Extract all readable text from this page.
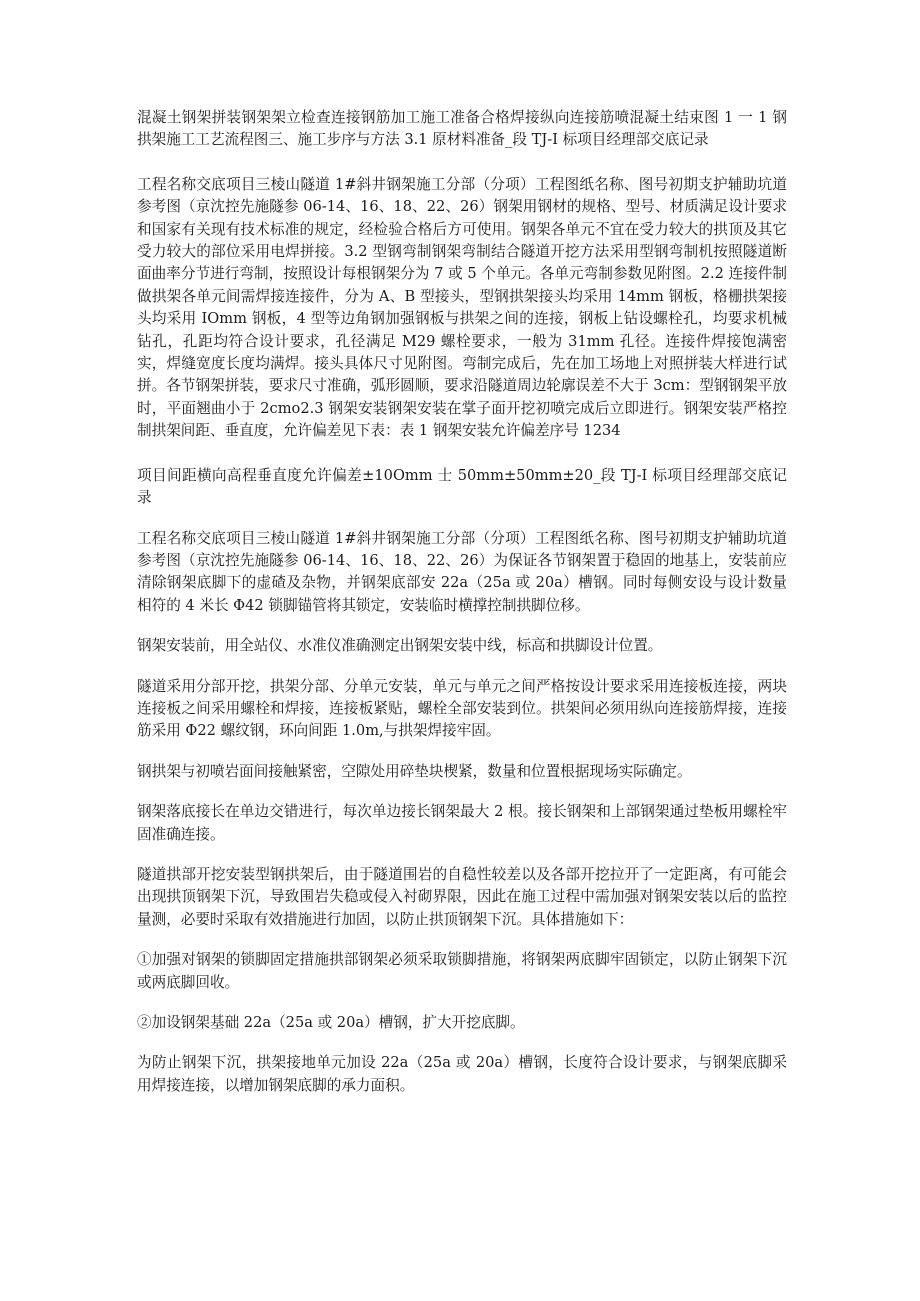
混凝土钢架拼装钢架架立检查连接钢筋加工施工准备合格焊接纵向连接筋喷混凝土结束图 1 一 1 钢拱架施工工艺流程图三、施工步序与方法 3.1 原材料准备_段 TJ-I 标项目经理部交底记录

工程名称交底项目三棱山隧道 1#斜井钢架施工分部（分项）工程图纸名称、图号初期支护辅助坑道参考图（京沈控先施隧参 06-14、16、18、22、26）钢架用钢材的规格、型号、材质满足设计要求和国家有关现有技术标准的规定，经检验合格后方可使用。钢架各单元不宜在受力较大的拱顶及其它受力较大的部位采用电焊拼接。3.2 型钢弯制钢架弯制结合隧道开挖方法采用型钢弯制机按照隧道断面曲率分节进行弯制，按照设计每根钢架分为 7 或 5 个单元。各单元弯制参数见附图。2.2 连接件制做拱架各单元间需焊接连接件，分为 A、B 型接头，型钢拱架接头均采用 14mm 钢板，格栅拱架接头均采用 IOmm 钢板，4 型等边角钢加强钢板与拱架之间的连接，钢板上钻设螺栓孔，均要求机械钻孔，孔距均符合设计要求，孔径满足 M29 螺栓要求，一般为 31mm 孔径。连接件焊接饱满密实，焊缝宽度长度均满焊。接头具体尺寸见附图。弯制完成后，先在加工场地上对照拼装大样进行试拼。各节钢架拼装，要求尺寸准确，弧形圆顺，要求沿隧道周边轮廓误差不大于 3cm：型钢钢架平放时，平面翘曲小于 2cmo2.3 钢架安装钢架安装在掌子面开挖初喷完成后立即进行。钢架安装严格控制拱架间距、垂直度，允许偏差见下表：表 1 钢架安装允许偏差序号 1234

项目间距横向高程垂直度允许偏差±10Omm 士 50mm±50mm±20_段 TJ-I 标项目经理部交底记录

工程名称交底项目三棱山隧道 1#斜井钢架施工分部（分项）工程图纸名称、图号初期支护辅助坑道参考图（京沈控先施隧参 06-14、16、18、22、26）为保证各节钢架置于稳固的地基上，安装前应清除钢架底脚下的虚碴及杂物，并钢架底部安 22a（25a 或 20a）槽钢。同时每侧安设与设计数量相符的 4 米长 Φ42 锁脚锚管将其锁定，安装临时横撑控制拱脚位移。

钢架安装前，用全站仪、水准仪准确测定出钢架安装中线，标高和拱脚设计位置。

隧道采用分部开挖，拱架分部、分单元安装，单元与单元之间严格按设计要求采用连接板连接，两块连接板之间采用螺栓和焊接，连接板紧贴，螺栓全部安装到位。拱架间必须用纵向连接筋焊接，连接筋采用 Φ22 螺纹钢，环向间距 1.0m,与拱架焊接牢固。

钢拱架与初喷岩面间接触紧密，空隙处用碎垫块楔紧，数量和位置根据现场实际确定。

钢架落底接长在单边交错进行，每次单边接长钢架最大 2 根。接长钢架和上部钢架通过垫板用螺栓牢固准确连接。

隧道拱部开挖安装型钢拱架后，由于隧道围岩的自稳性较差以及各部开挖拉开了一定距离，有可能会出现拱顶钢架下沉，导致围岩失稳或侵入衬砌界限，因此在施工过程中需加强对钢架安装以后的监控量测，必要时采取有效措施进行加固，以防止拱顶钢架下沉。具体措施如下：

①加强对钢架的锁脚固定措施拱部钢架必须采取锁脚措施，将钢架两底脚牢固锁定，以防止钢架下沉或两底脚回收。

②加设钢架基础 22a（25a 或 20a）槽钢，扩大开挖底脚。

为防止钢架下沉，拱架接地单元加设 22a（25a 或 20a）槽钢，长度符合设计要求，与钢架底脚采用焊接连接，以增加钢架底脚的承力面积。
